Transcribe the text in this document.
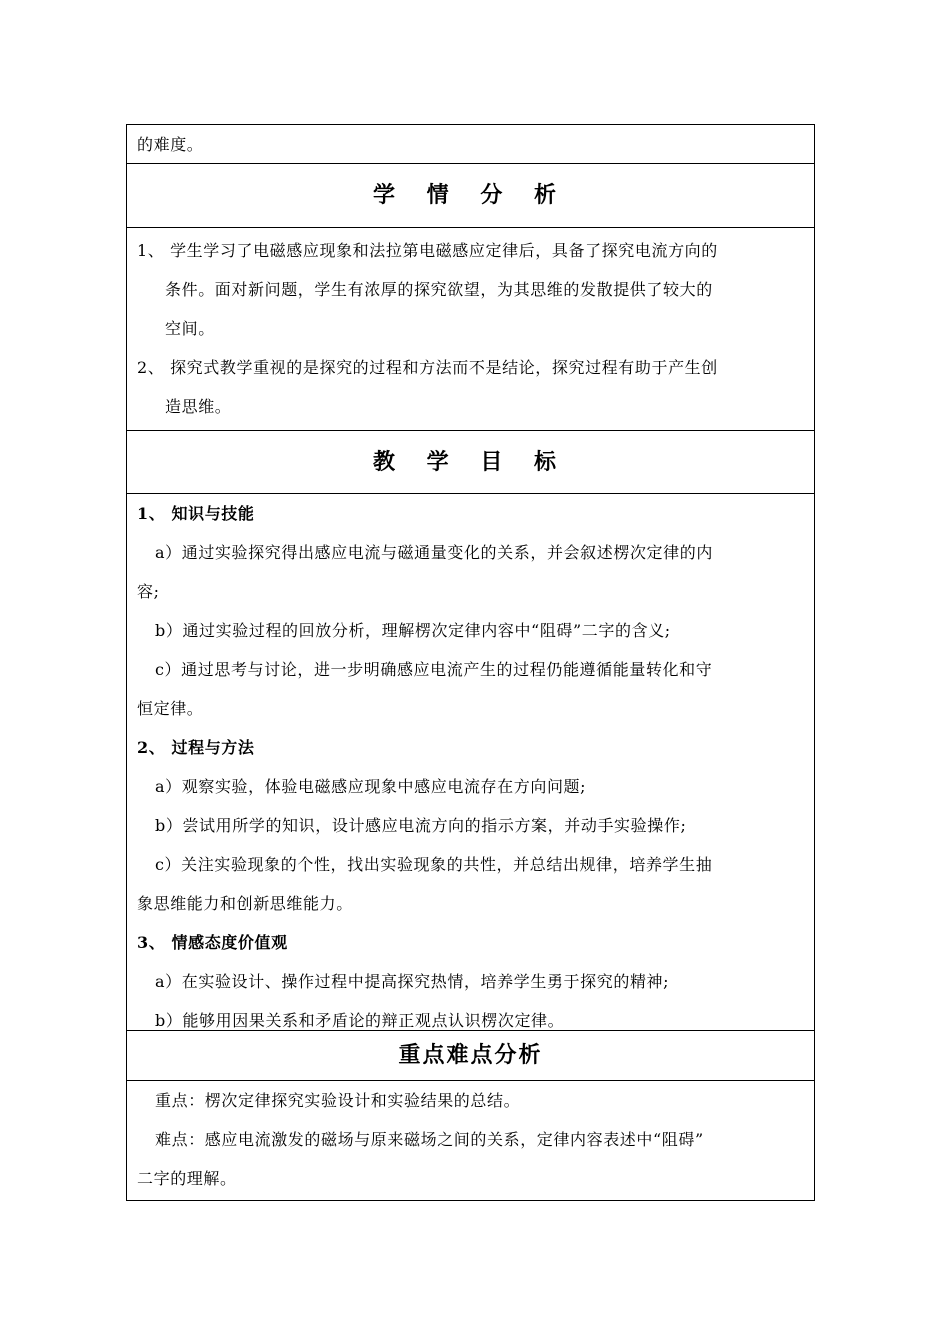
的难度。
学 情 分 析
1、 学生学习了电磁感应现象和法拉第电磁感应定律后，具备了探究电流方向的
条件。面对新问题，学生有浓厚的探究欲望，为其思维的发散提供了较大的
空间。
2、 探究式教学重视的是探究的过程和方法而不是结论，探究过程有助于产生创
造思维。
教 学 目 标
1、 知识与技能
a）通过实验探究得出感应电流与磁通量变化的关系，并会叙述楞次定律的内
容;
b）通过实验过程的回放分析，理解楞次定律内容中“阻碍”二字的含义;
c）通过思考与讨论，进一步明确感应电流产生的过程仍能遵循能量转化和守
恒定律。
2、 过程与方法
a）观察实验，体验电磁感应现象中感应电流存在方向问题;
b）尝试用所学的知识，设计感应电流方向的指示方案，并动手实验操作;
c）关注实验现象的个性，找出实验现象的共性，并总结出规律，培养学生抽
象思维能力和创新思维能力。
3、 情感态度价值观
a）在实验设计、操作过程中提高探究热情，培养学生勇于探究的精神;
b）能够用因果关系和矛盾论的辩正观点认识楞次定律。
重点难点分析
重点：楞次定律探究实验设计和实验结果的总结。
难点：感应电流激发的磁场与原来磁场之间的关系，定律内容表述中“阻碍”
二字的理解。
